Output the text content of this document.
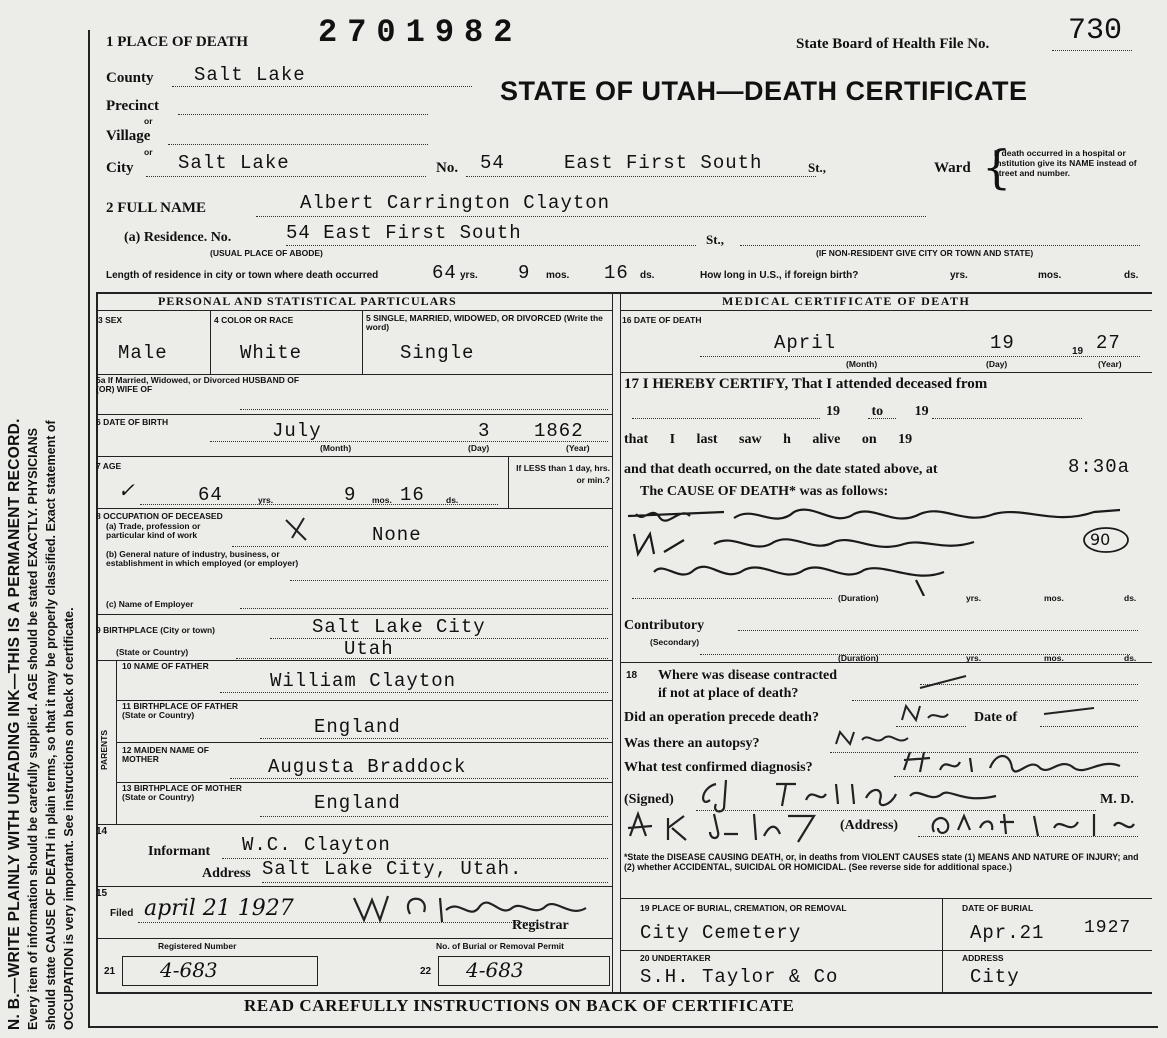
N. B.—WRITE PLAINLY WITH UNFADING INK—THIS IS A PERMANENT RECORD. Every item of information should be carefully supplied. AGE should be stated EXACTLY. PHYSICIANS should state CAUSE OF DEATH in plain terms, so that it may be properly classified. Exact statement of OCCUPATION is very important. See instructions on back of certificate.
1 PLACE OF DEATH 2701982	State Board of Health File No.	730
STATE OF UTAH—DEATH CERTIFICATE
County Salt Lake
Precinct
or
Village
or
City Salt Lake	No. 54	East First South	St.,	Ward {
If death occurred in a hospital or institution give its NAME instead of street and number.
2 FULL NAME	Albert Carrington Clayton
(a) Residence. No.	54 East First South	St.,
(USUAL PLACE OF ABODE)	(IF NON-RESIDENT GIVE CITY OR TOWN AND STATE)
Length of residence in city or town where death occurred	64 yrs. 9 mos. 16 ds.	How long in U.S., if foreign birth?	yrs.	mos.	ds.
PERSONAL AND STATISTICAL PARTICULARS
3 SEX
Male
4 COLOR OR RACE
White
5 SINGLE, MARRIED, WIDOWED, OR DIVORCED (Write the word)
Single
5a If Married, Widowed, or Divorced HUSBAND OF (OR) WIFE OF
6 DATE OF BIRTH	July	3 1862
(Month)	(Day)	(Year)
7 AGE
✓	64	yrs.	9 mos. 16 ds.
If LESS than 1 day, hrs. or min.?
8 OCCUPATION OF DECEASED
(a) Trade, profession or particular kind of work	None
(b) General nature of industry, business, or establishment in which employed (or employer)
(c) Name of Employer
9 BIRTHPLACE (City or town)	Salt Lake City
(State or Country)	Utah
PARENTS
10 NAME OF FATHER
William Clayton
11 BIRTHPLACE OF FATHER (State or Country)
England
12 MAIDEN NAME OF MOTHER	Augusta Braddock
13 BIRTHPLACE OF MOTHER (State or Country)	England
14
Informant W.C. Clayton
Address Salt Lake City, Utah.
15
Filed april 21 1927
Registrar
Registered Number	No. of Burial or Removal Permit
21 4-683	22 4-683
MEDICAL CERTIFICATE OF DEATH
16 DATE OF DEATH
April	19	19 27
(Month)	(Day)	(Year)
17 I HEREBY CERTIFY, That I attended deceased from
19 to 19
that I last saw h alive on 19
and that death occurred, on the date stated above, at	8:30a
The CAUSE OF DEATH* was as follows:
90
(Duration)	yrs.	mos.	ds.
Contributory
(Secondary)
(Duration)	yrs.	mos.	ds.
18 Where was disease contracted
if not at place of death?
Did an operation precede death?	Date of
Was there an autopsy?
What test confirmed diagnosis?
(Signed)	M. D.
(Address)
*State the DISEASE CAUSING DEATH, or, in deaths from VIOLENT CAUSES state (1) MEANS AND NATURE OF INJURY; and (2) whether ACCIDENTAL, SUICIDAL OR HOMICIDAL. (See reverse side for additional space.)
19 PLACE OF BURIAL, CREMATION, OR REMOVAL
City Cemetery
DATE OF BURIAL
Apr.21 1927
20 UNDERTAKER
S.H. Taylor & Co
ADDRESS
City
READ CAREFULLY INSTRUCTIONS ON BACK OF CERTIFICATE
